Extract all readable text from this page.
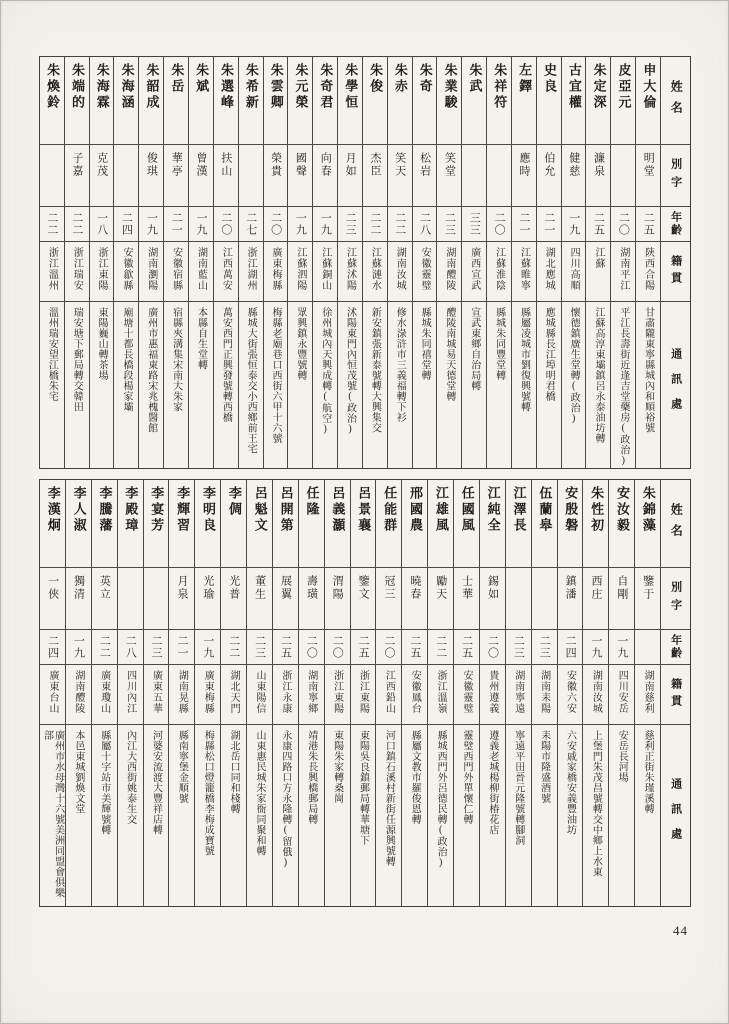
姓名
別字
年齡
籍貫
通訊處
申大倫
明堂
二五
陝西合陽
甘肅隴東寧縣城內和順裕號
皮亞元
二〇
湖南平江
平江長壽街近逢吉堂藥房(政治)
朱定深
濂泉
二五
江蘇
江蘇高淳東壩鎮呂永泰油坊轉
古宜權
健慈
一九
四川高順
懷德鎮廣生堂轉(政治)
史良
伯允
二一
湖北應城
應城縣長江埠明君橋
左鐸
應時
二一
江蘇睢寧
縣屬凌城市劉復興號轉
朱祥符
二〇
江蘇淮陰
縣城朱同豐堂轉
朱武
三三
廣西宣武
宣武東鄉自治局轉
朱業駿
笑堂
二三
湖南醴陵
醴陵南城易天德堂轉
朱奇
松岩
二八
安徽靈璧
縣城朱同禧堂轉
朱赤
笑天
二二
湖南汝城
修水淥浒市三義福轉下衫
朱俊
杰臣
二二
江蘇漣水
新安鎮張新泰號轉大興集交
朱學恒
月如
二三
江蘇沭陽
沭陽東門內恒茂號(政治)
朱奇君
向春
一九
江蘇銅山
徐州城內天興成轉(航空)
朱元榮
國聲
一九
江蘇泗陽
眾興鎮永豐號轉
朱雲卿
榮貴
二〇
廣東梅縣
梅縣老廟巷口西街六甲十六號
朱希新
二七
浙江湖州
縣城大街張恒泰交小西鄉前王宅
朱選峰
扶山
二〇
江西萬安
萬安西門正興發號轉西橋
朱斌
曾漢
一九
湖南藍山
本縣自生堂轉
朱岳
華亭
二一
安徽宿縣
宿縣夾溝集宋南大朱家
朱韶成
俊琪
一九
湖南瀏陽
廣州市惠福東路宋兆槐醫館
朱海涵
二四
安徽歙縣
廟塘十都長橋段楊家壩
朱海霖
克茂
一八
浙江東陽
東陽巍山轉茶場
朱端的
子嘉
二二
浙江瑞安
瑞安塘下郵局轉交韓田
朱煥鈴
二二
浙江溫州
溫州瑞安望江橋朱宅
姓名
別字
年齡
籍貫
通訊處
朱錦藻
鑒于
湖南慈利
慈利正街朱瑾溪轉
安汝毅
自剛
一九
四川安岳
安岳長河場
朱性初
西庄
一九
湖南汝城
上堡門朱茂昌號轉交中鄉上水東
安殷磐
鎮潘
二四
安徽六安
六安戚家橋安義豐油坊
伍蘭皋
二三
湖南耒陽
耒陽市隆盛酒號
江澤長
二三
湖南寧遠
寧遠平田晉元隆號轉腳洞
江純全
錫如
二〇
貴州遵義
遵義老城楊柳街椿花店
任國風
士華
二五
安徽靈璧
靈璧西門外單懷仁轉
江雄風
勵天
二二
浙江溫嶺
縣城西門外呂德民轉(政治)
邢國農
曉春
二五
安徽鳳台
縣屬文教市羅俊恩轉
任能群
冠三
二〇
江西鉛山
河口鎮石溪村新街任源興號轉
呂景襄
鑒文
二五
浙江東陽
東陽吳良鎮郵局轉華塘下
呂義灝
渭陽
二〇
浙江東陽
東陽朱家轉桑崗
任隆
壽璜
二〇
湖南寧鄉
靖港朱長興橋郵局轉
呂開第
展翼
二五
浙江永康
永康四路口方永隆轉(留俄)
呂魁文
董生
二三
山東陽信
山東惠民城朱家衙同聚和轉
李倜
光普
二二
湖北天門
湖北岳口同和棧轉
李明良
光瑜
一九
廣東梅縣
梅縣松口燈籠橋李梅成寶號
李輝習
月泉
二一
湖南晃縣
縣南寧堡金順號
李宴芳
二三
廣東五華
河婆安流渡大豐祥店轉
李殿璋
二八
四川內江
內江大西街姚泰生交
李騰藩
英立
二二
廣東瓊山
縣屬十字站市美輝號轉
李人淑
獨清
一九
湖南醴陵
本邑東城劉煥文堂
李漢炯
一俠
二四
廣東台山
廣州市水母灣十六號美洲同盟會俱樂部
44
